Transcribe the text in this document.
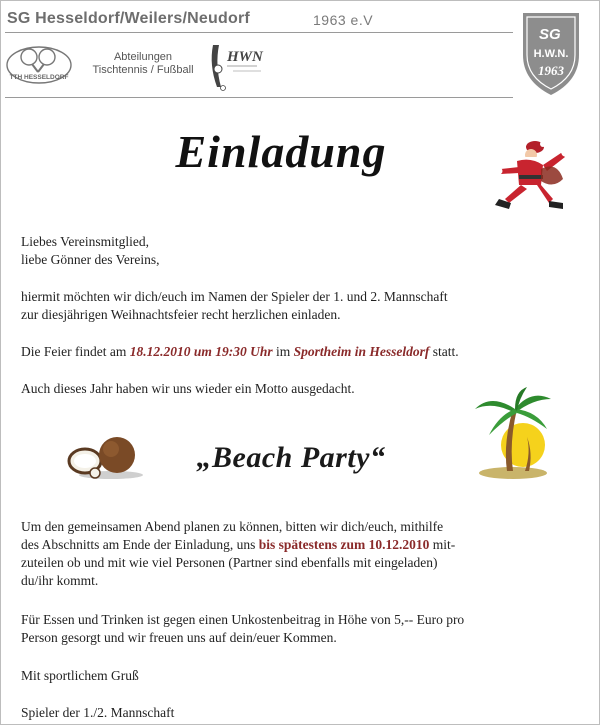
SG Hesseldorf/Weilers/Neudorf	1963 e.V
TTH HESSELDORF
Abteilungen
Tischtennis / Fußball
HWN
SG
H.W.N.
1963
Einladung
Liebes Vereinsmitglied,
liebe Gönner des Vereins,
hiermit möchten wir dich/euch im Namen der Spieler der 1. und 2. Mannschaft
zur diesjährigen Weihnachtsfeier recht herzlichen einladen.
Die Feier findet am 18.12.2010 um 19:30 Uhr im Sportheim in Hesseldorf statt.
Auch dieses Jahr haben wir uns wieder ein Motto ausgedacht.
„Beach Party“
Um den gemeinsamen Abend planen zu können, bitten wir dich/euch, mithilfe
des Abschnitts am Ende der Einladung, uns bis spätestens zum 10.12.2010 mit-
zuteilen ob und mit wie viel Personen (Partner sind ebenfalls mit eingeladen)
du/ihr kommt.
Für Essen und Trinken ist gegen einen Unkostenbeitrag in Höhe von 5,-- Euro pro
Person gesorgt und wir freuen uns auf dein/euer Kommen.
Mit sportlichem Gruß
Spieler der 1./2. Mannschaft
